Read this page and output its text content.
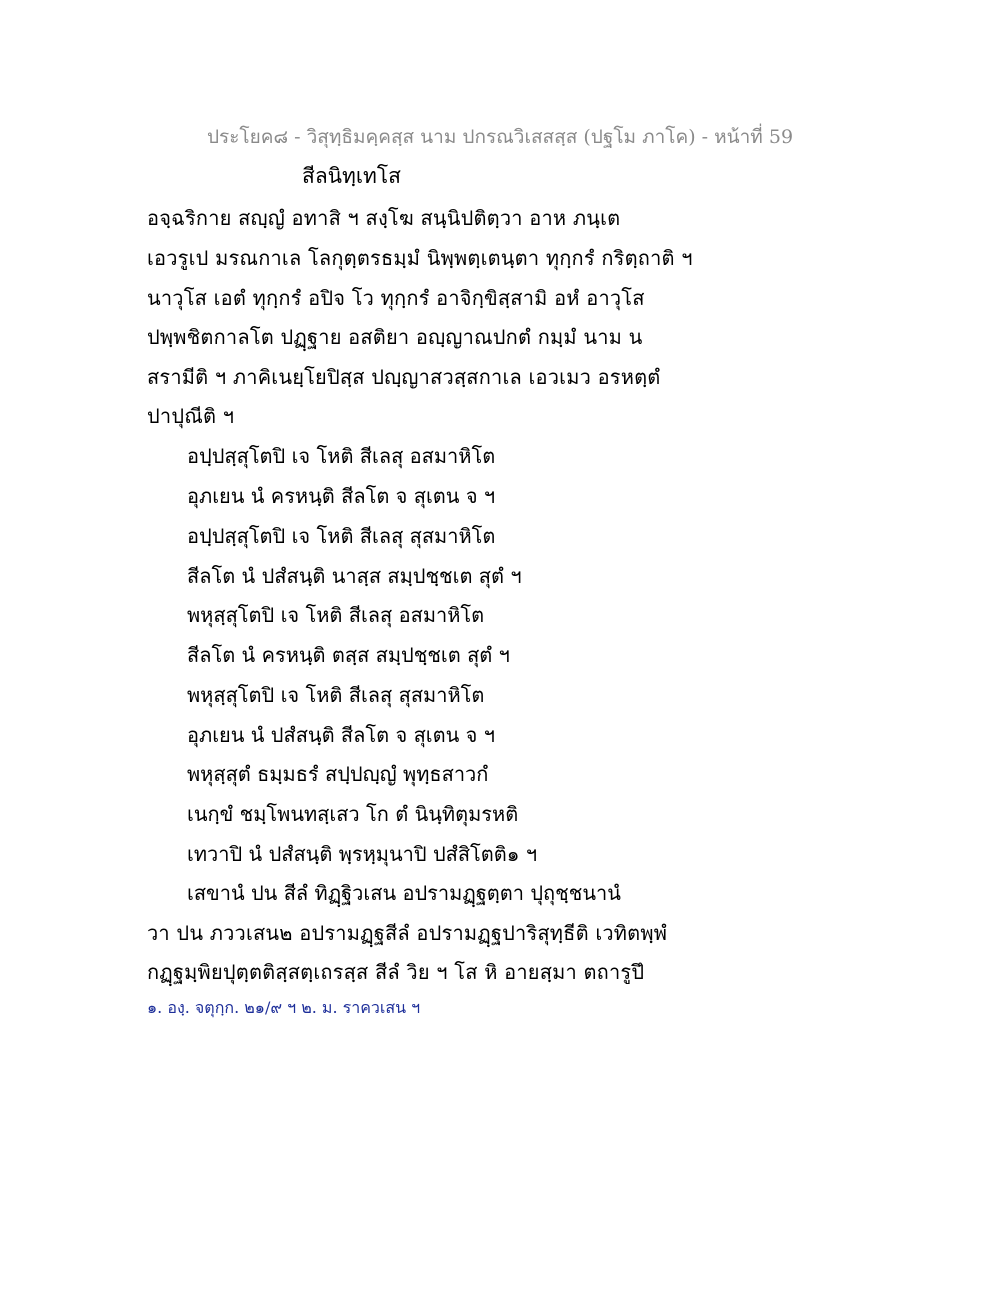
ประโยค๘ - วิสุทฺธิมคฺคสฺส นาม ปกรณวิเสสสฺส (ปฐโม ภาโค) - หน้าที่ 59
สีลนิทฺเทโส
อจฺฉริกาย สญฺญํ อทาสิ ฯ สงฺโฆ สนฺนิปติตฺวา อาห ภนฺเต
เอวรูเป มรณกาเล โลกุตฺตรธมฺมํ นิพฺพตฺเตนฺตา ทุกฺกรํ กริตฺถาติ ฯ
นาวุโส เอตํ ทุกฺกรํ อปิจ โว ทุกฺกรํ อาจิกฺขิสฺสามิ อหํ อาวุโส
ปพฺพชิตกาลโต ปฏฺฐาย อสติยา อญฺญาณปกตํ กมฺมํ นาม น
สรามีติ ฯ ภาคิเนยฺโยปิสฺส ปญฺญาสวสฺสกาเล เอวเมว อรหตฺตํ
ปาปุณีติ ฯ
อปฺปสฺสุโตปิ เจ โหติ สีเลสุ อสมาหิโต
อุภเยน นํ ครหนฺติ สีลโต จ สุเตน จ ฯ
อปฺปสฺสุโตปิ เจ โหติ สีเลสุ สุสมาหิโต
สีลโต นํ ปสํสนฺติ นาสฺส สมฺปชฺชเต สุตํ ฯ
พหุสฺสุโตปิ เจ โหติ สีเลสุ อสมาหิโต
สีลโต นํ ครหนฺติ ตสฺส สมฺปชฺชเต สุตํ ฯ
พหุสฺสุโตปิ เจ โหติ สีเลสุ สุสมาหิโต
อุภเยน นํ ปสํสนฺติ สีลโต จ สุเตน จ ฯ
พหุสฺสุตํ ธมฺมธรํ สปฺปญฺญํ พุทฺธสาวกํ
เนกฺขํ ชมฺโพนทสฺเสว โก ตํ นินฺทิตุมรหติ
เทวาปิ นํ ปสํสนฺติ พฺรหฺมุนาปิ ปสํสิโตติ๑ ฯ
เสขานํ ปน สีลํ ทิฏฺฐิวเสน อปรามฏฺฐตฺตา ปุถุชฺชนานํ
วา ปน ภววเสน๒ อปรามฏฺฐสีลํ อปรามฏฺฐปาริสุทฺธีติ เวทิตพฺพํ
กฏฺฐมฺพิยปุตฺตติสฺสตฺเถรสฺส สีลํ วิย ฯ โส หิ อายสฺมา ตถารูปึ
๑. องฺ. จตุกฺก. ๒๑/๙ ฯ ๒. ม. ราควเสน ฯ
